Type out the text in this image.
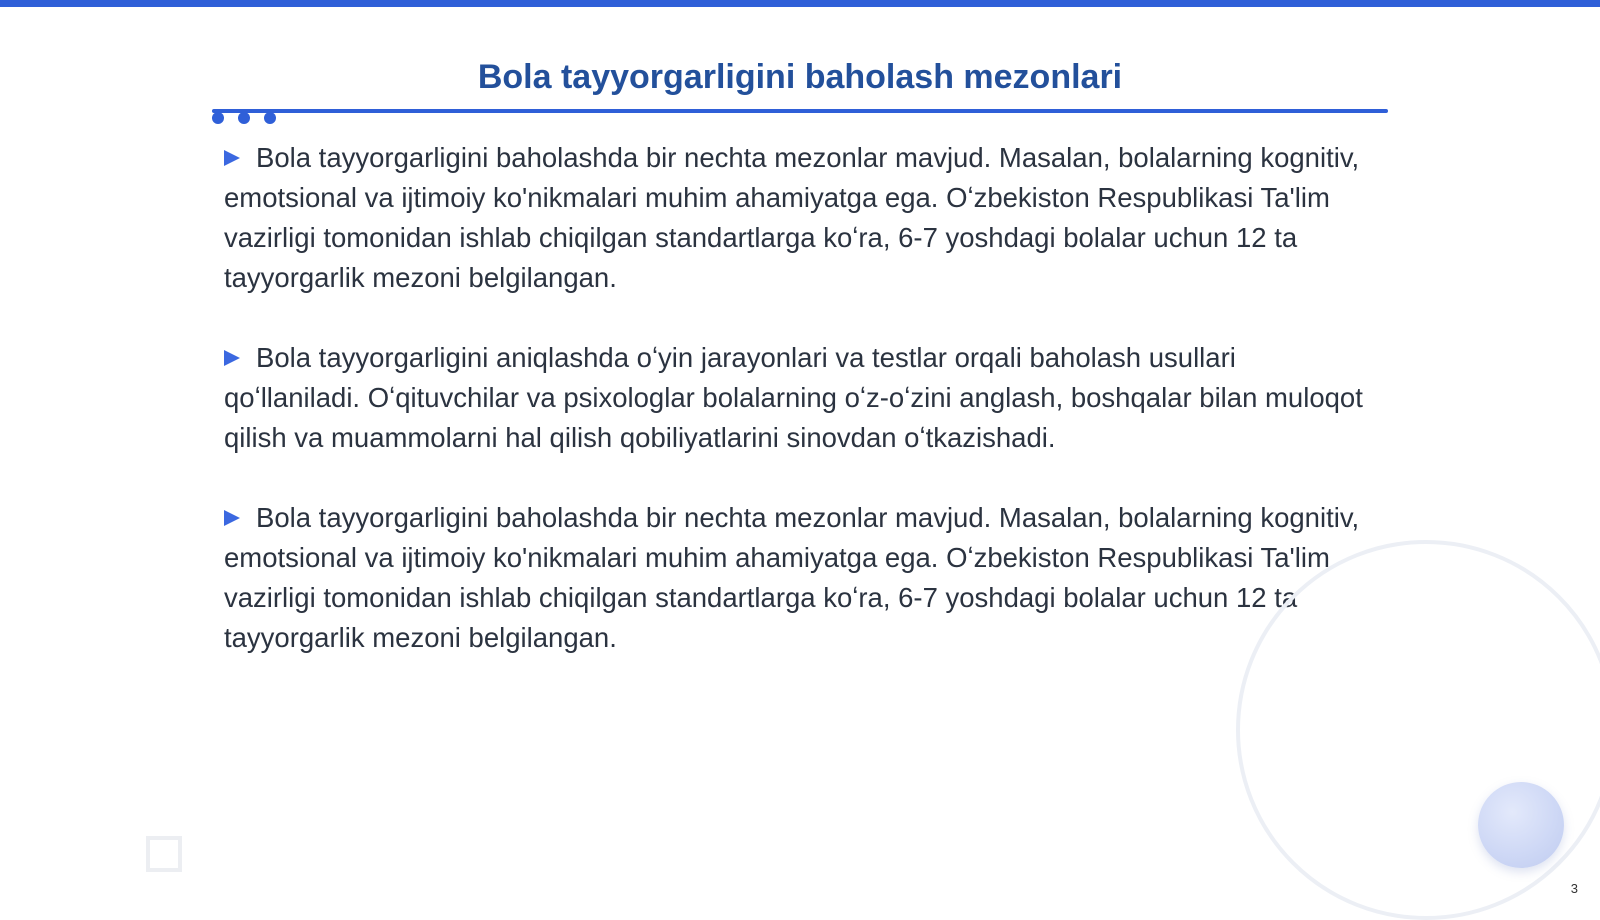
Bola tayyorgarligini baholash mezonlari

Bola tayyorgarligini baholashda bir nechta mezonlar mavjud. Masalan, bolalarning kognitiv, emotsional va ijtimoiy ko'nikmalari muhim ahamiyatga ega. Oʻzbekiston Respublikasi Ta'lim vazirligi tomonidan ishlab chiqilgan standartlarga koʻra, 6-7 yoshdagi bolalar uchun 12 ta tayyorgarlik mezoni belgilangan.

Bola tayyorgarligini aniqlashda oʻyin jarayonlari va testlar orqali baholash usullari qoʻllaniladi. Oʻqituvchilar va psixologlar bolalarning oʻz-oʻzini anglash, boshqalar bilan muloqot qilish va muammolarni hal qilish qobiliyatlarini sinovdan oʻtkazishadi.

Bola tayyorgarligini baholashda bir nechta mezonlar mavjud. Masalan, bolalarning kognitiv, emotsional va ijtimoiy ko'nikmalari muhim ahamiyatga ega. Oʻzbekiston Respublikasi Ta'lim vazirligi tomonidan ishlab chiqilgan standartlarga koʻra, 6-7 yoshdagi bolalar uchun 12 ta tayyorgarlik mezoni belgilangan.

3
